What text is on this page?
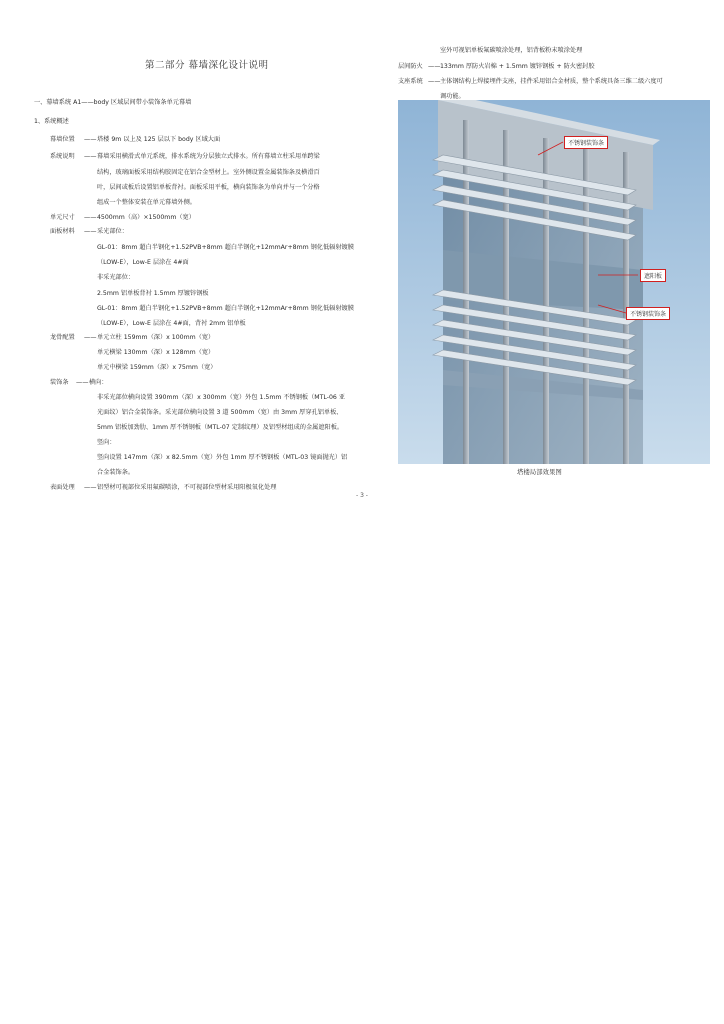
第二部分 幕墙深化设计说明
一、幕墙系统 A1——body 区域层间带小装饰条单元幕墙
1、系统概述
幕墙位置 —— 塔楼 9m 以上及 125 层以下 body 区域大面
系统说明 —— 幕墙采用横滑式单元系统，排水系统为分层独立式排水。所有幕墙立柱采用单跨梁
结构，玻璃面板采用结构胶固定在铝合金型材上。室外侧设置金属装饰条及横滑百
叶，层间或板后设置铝单板背衬。面板采用平板，横向装饰条为单向并与一个分格
组成一个整体安装在单元幕墙外侧。
单元尺寸 —— 4500mm（高）×1500mm（宽）
面板材料 —— 采光部位：
GL-01：8mm 超白半钢化+1.52PVB+8mm 超白半钢化+12mmAr+8mm 钢化低辐射镀膜
（LOW-E），Low-E 层涂在 4#面
非采光部位：
2.5mm 铝单板背衬 1.5mm 厚镀锌钢板
GL-01：8mm 超白半钢化+1.52PVB+8mm 超白半钢化+12mmAr+8mm 钢化低辐射镀膜
（LOW-E），Low-E 层涂在 4#面，背衬 2mm 铝单板
龙骨配置 —— 单元立柱 159mm（深）x 100mm（宽）
单元横梁 130mm（深）x 128mm（宽）
单元中横梁 159mm（深）x 75mm（宽）
装饰条 —— 横向：
非采光部位横向设置 390mm（深）x 300mm（宽）外包 1.5mm 不锈钢板（MTL-06 亚
光面纹）铝合金装饰条。采光部位横向设置 3 道 500mm（宽）由 3mm 厚穿孔铝单板、
5mm 铝板加劲肋、1mm 厚不锈钢板（MTL-07 定制纹理）及铝型材组成的金属遮阳板。
竖向：
竖向设置 147mm（深）x 82.5mm（宽）外包 1mm 厚不锈钢板（MTL-03 镜面抛光）铝
合金装饰条。
表面处理 —— 铝型材可视部位采用氟碳喷涂，不可视部位型材采用阳极氧化处理
室外可视铝单板氟碳喷涂处理，铝背板粉末喷涂处理
层间防火 —— 133mm 厚防火岩棉 + 1.5mm 镀锌钢板 + 防火密封胶
支座系统 —— 主体钢结构上焊接埋件支座，挂件采用铝合金材质，整个系统具备三维二级六度可
调功能。
不锈钢装饰条
遮阳板
不锈钢装饰条
塔楼局部效果图
- 3 -
